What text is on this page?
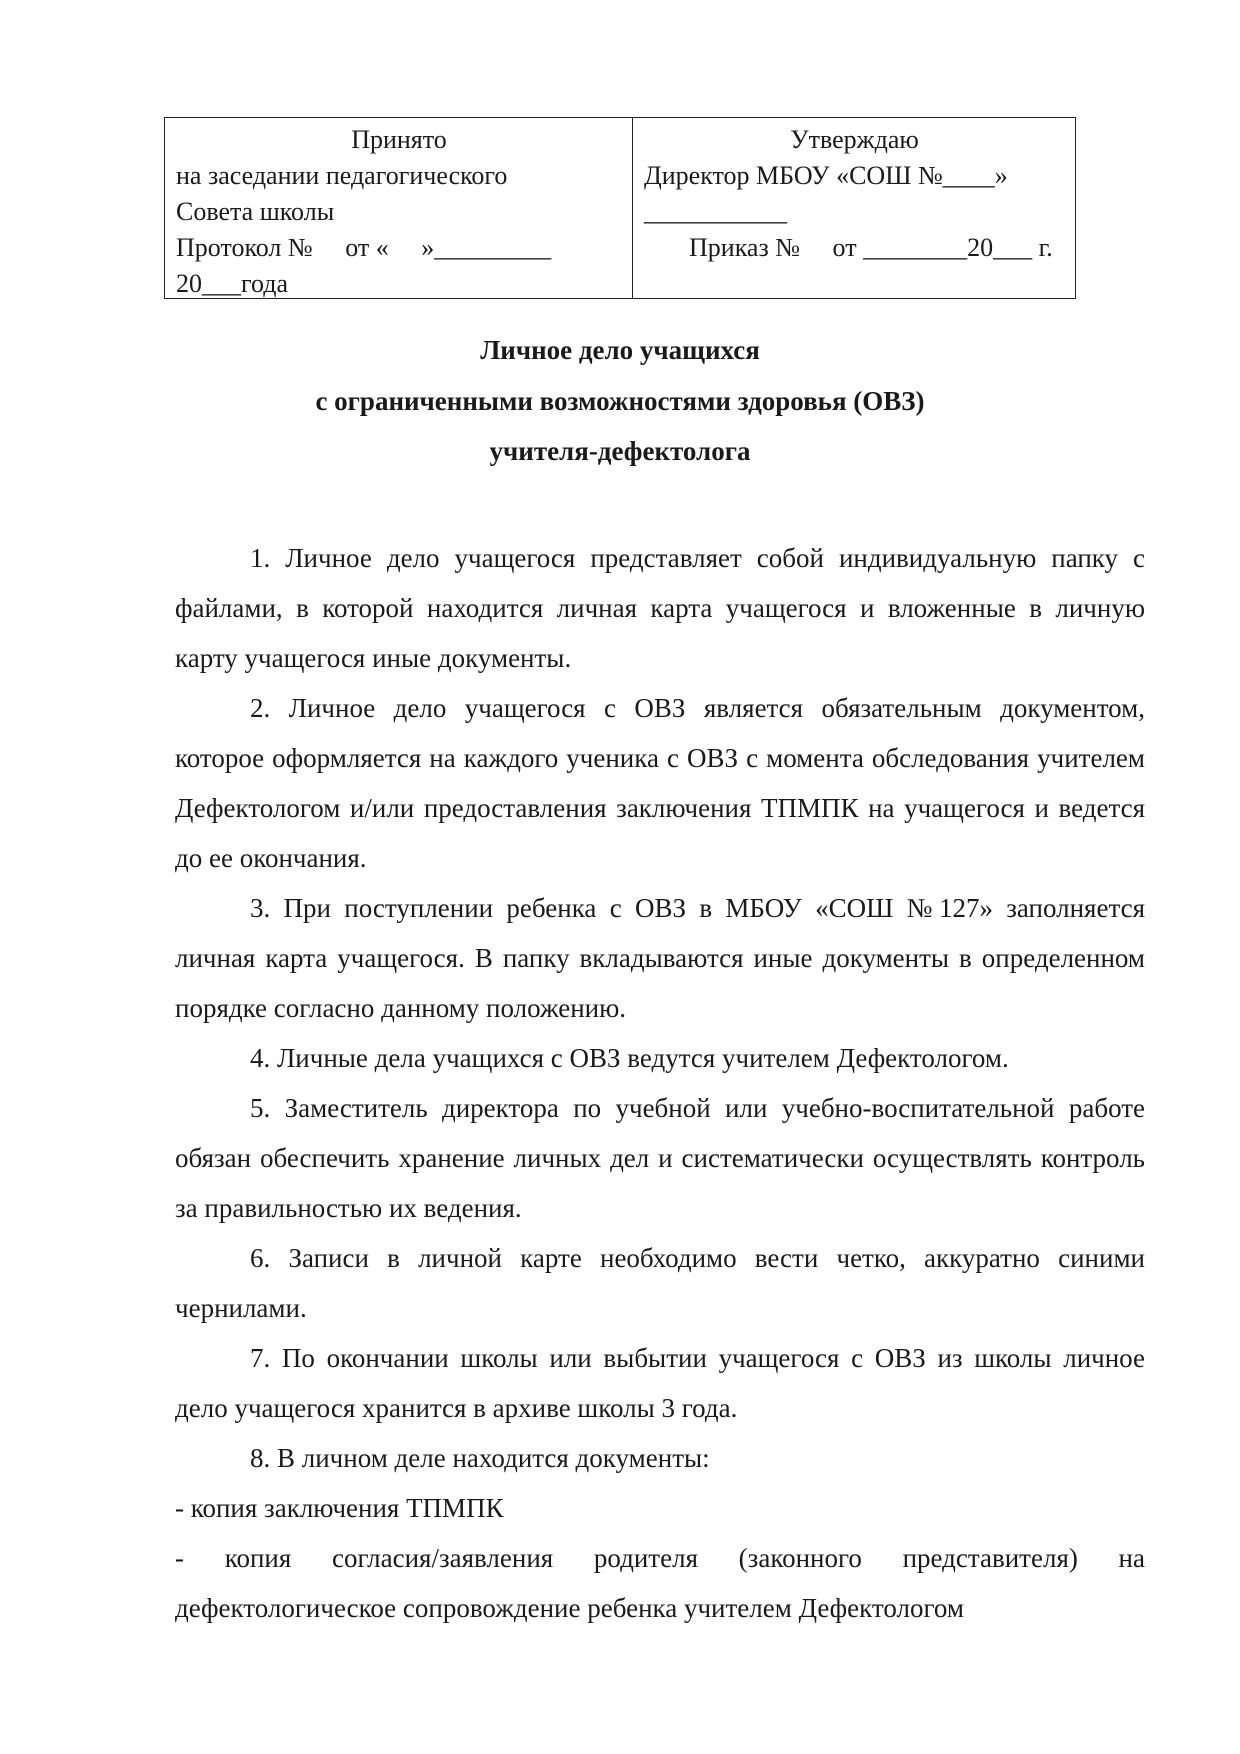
Принято
на заседании педагогического
Совета школы
Протокол №     от «     »_________
20___года
Утверждаю
Директор МБОУ «СОШ №____»
___________
Приказ №     от ________20___ г.
Личное дело учащихся
с ограниченными возможностями здоровья (ОВЗ)
учителя-дефектолога

1. Личное дело учащегося представляет собой индивидуальную папку с файлами, в которой находится личная карта учащегося и вложенные в личную карту учащегося иные документы.

2. Личное дело учащегося с ОВЗ является обязательным документом, которое оформляется на каждого ученика с ОВЗ с момента обследования учителем Дефектологом и/или предоставления заключения ТПМПК на учащегося и ведется до ее окончания.

3. При поступлении ребенка с ОВЗ в МБОУ «СОШ №127» заполняется личная карта учащегося. В папку вкладываются иные документы в определенном порядке согласно данному положению.

4. Личные дела учащихся с ОВЗ ведутся учителем Дефектологом.

5. Заместитель директора по учебной или учебно-воспитательной работе обязан обеспечить хранение личных дел и систематически осуществлять контроль за правильностью их ведения.

6. Записи в личной карте необходимо вести четко, аккуратно синими чернилами.

7. По окончании школы или выбытии учащегося с ОВЗ из школы личное дело учащегося хранится в архиве школы 3 года.

8. В личном деле находится документы:

- копия заключения ТПМПК

- копия согласия/заявления родителя (законного представителя) на дефектологическое сопровождение ребенка учителем Дефектологом
